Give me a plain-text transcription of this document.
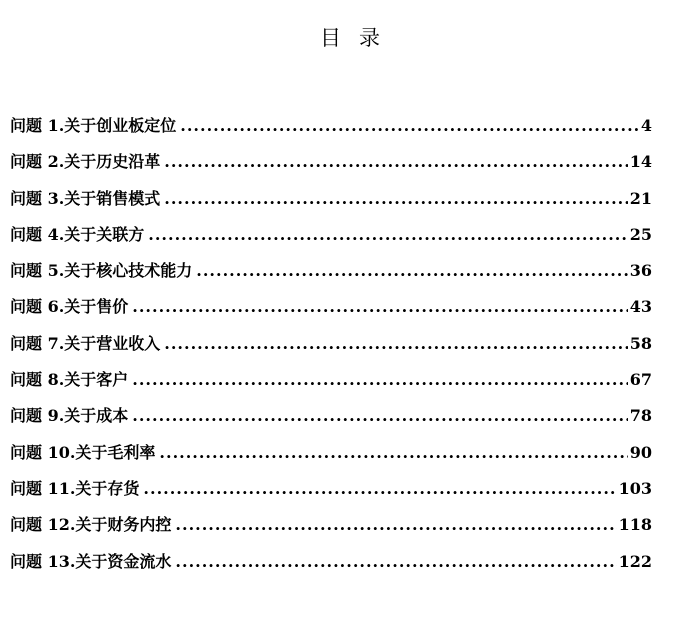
目录
问题 1.关于创业板定位 .....	4
问题 2.关于历史沿革 .....	14
问题 3.关于销售模式 .....	21
问题 4.关于关联方 .....	25
问题 5.关于核心技术能力 .....	36
问题 6.关于售价 .....	43
问题 7.关于营业收入 .....	58
问题 8.关于客户 .....	67
问题 9.关于成本 .....	78
问题 10.关于毛利率 .....	90
问题 11.关于存货 .....	103
问题 12.关于财务内控 .....	118
问题 13.关于资金流水 .....	122
